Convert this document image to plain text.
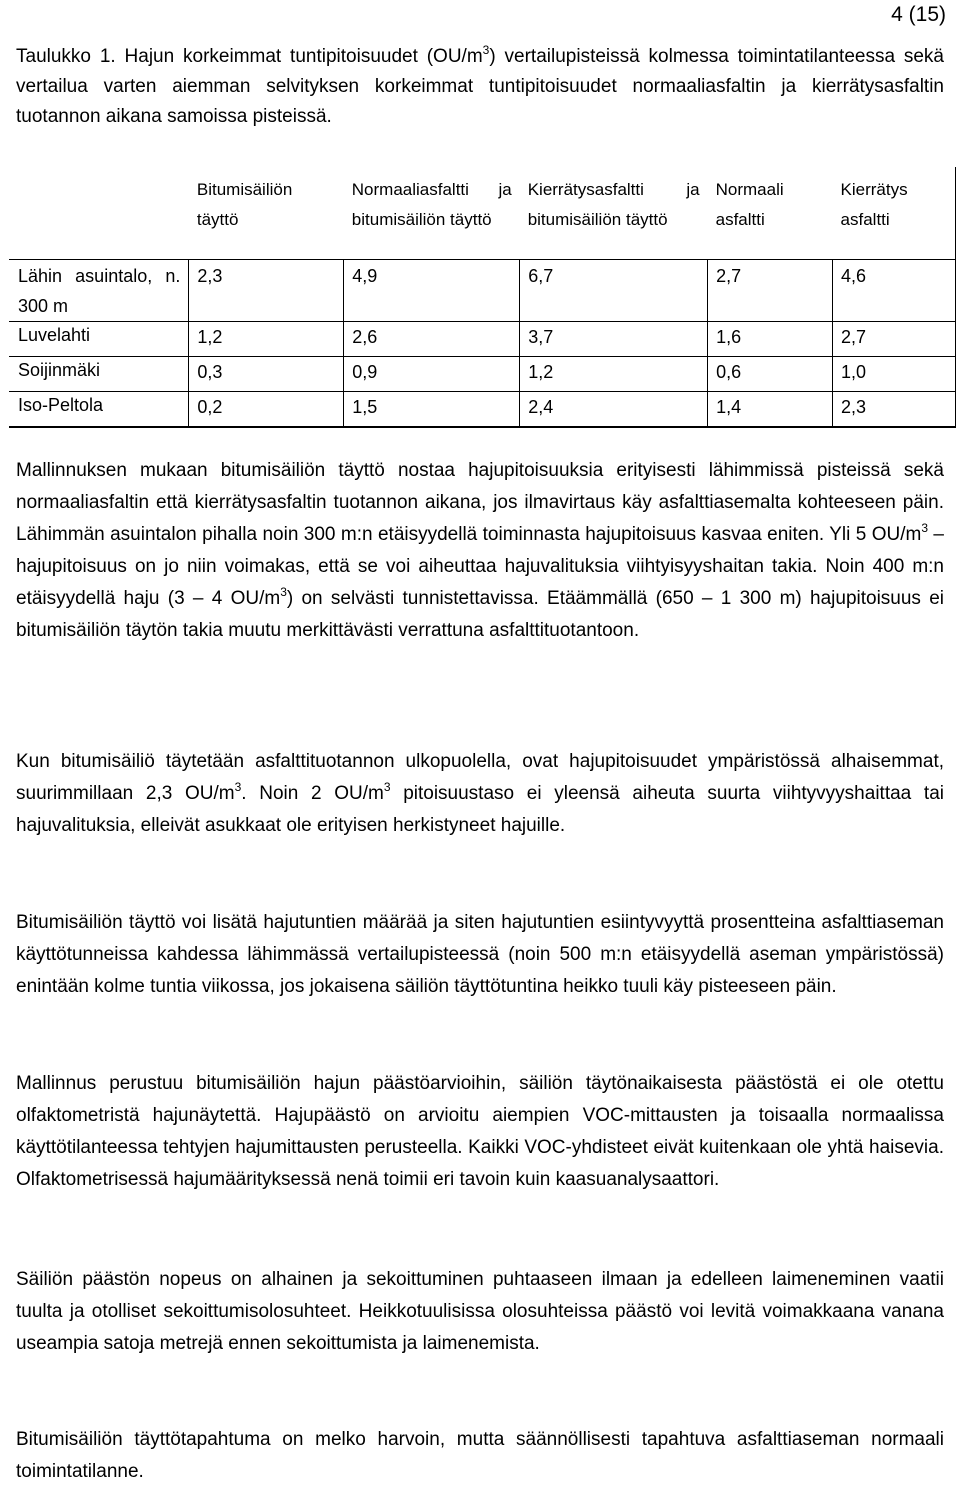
4 (15)
Taulukko 1. Hajun korkeimmat tuntipitoisuudet $(OU/m^3)$ vertailupisteissä kolmessa toimintatilanteessa sekä vertailua varten aiemman selvityksen korkeimmat tuntipitoisuudet normaaliasfaltin ja kierrätysasfaltin tuotannon aikana samoissa pisteissä.

	Bitumisäiliön täyttö	Normaaliasfaltti ja bitumisäiliön täyttö	Kierrätysasfaltti ja bitumisäiliön täyttö	Normaali asfaltti	Kierrätys asfaltti

Lähin asuintalo, n. 300 m	2,3	4,9	6,7	2,7	4,6
Luvelahti	1,2	2,6	3,7	1,6	2,7
Soijinmäki	0,3	0,9	1,2	0,6	1,0
Iso-Peltola	0,2	1,5	2,4	1,4	2,3
Mallinnuksen mukaan bitumisäiliön täyttö nostaa hajupitoisuuksia erityisesti lähimmissä pisteissä sekä normaaliasfaltin että kierrätysasfaltin tuotannon aikana, jos ilmavirtaus käy asfalttiasemalta kohteeseen päin. Lähimmän asuintalon pihalla noin 300 m:n etäisyydellä toiminnasta hajupitoisuus kasvaa eniten. Yli 5 $OU/m^3$ – hajupitoisuus on jo niin voimakas, että se voi aiheuttaa hajuvalituksia viihtyisyyshaitan takia. Noin 400 m:n etäisyydellä haju (3 – 4 $OU/m^3$) on selvästi tunnistettavissa. Etäämmällä (650 – 1 300 m) hajupitoisuus ei bitumisäiliön täytön takia muutu merkittävästi verrattuna asfalttituotantoon.
Kun bitumisäiliö täytetään asfalttituotannon ulkopuolella, ovat hajupitoisuudet ympäristössä alhaisemmat, suurimmillaan 2,3 $OU/m^3$. Noin 2 $OU/m^3$ pitoisuustaso ei yleensä aiheuta suurta viihtyvyyshaittaa tai hajuvalituksia, elleivät asukkaat ole erityisen herkistyneet hajuille.
Bitumisäiliön täyttö voi lisätä hajutuntien määrää ja siten hajutuntien esiintyvyyttä prosentteina asfalttiaseman käyttötunneissa kahdessa lähimmässä vertailupisteessä (noin 500 m:n etäisyydellä aseman ympäristössä) enintään kolme tuntia viikossa, jos jokaisena säiliön täyttötuntina heikko tuuli käy pisteeseen päin.
Mallinnus perustuu bitumisäiliön hajun päästöarvioihin, säiliön täytönaikaisesta päästöstä ei ole otettu olfaktometristä hajunäytettä. Hajupäästö on arvioitu aiempien VOC-mittausten ja toisaalla normaalissa käyttötilanteessa tehtyjen hajumittausten perusteella. Kaikki VOC-yhdisteet eivät kuitenkaan ole yhtä haisevia. Olfaktometrisessä hajumäärityksessä nenä toimii eri tavoin kuin kaasuanalysaattori.
Säiliön päästön nopeus on alhainen ja sekoittuminen puhtaaseen ilmaan ja edelleen laimeneminen vaatii tuulta ja otolliset sekoittumisolosuhteet. Heikkotuulisissa olosuhteissa päästö voi levitä voimakkaana vanana useampia satoja metrejä ennen sekoittumista ja laimenemista.
Bitumisäiliön täyttötapahtuma on melko harvoin, mutta säännöllisesti tapahtuva asfalttiaseman normaali toimintatilanne.
